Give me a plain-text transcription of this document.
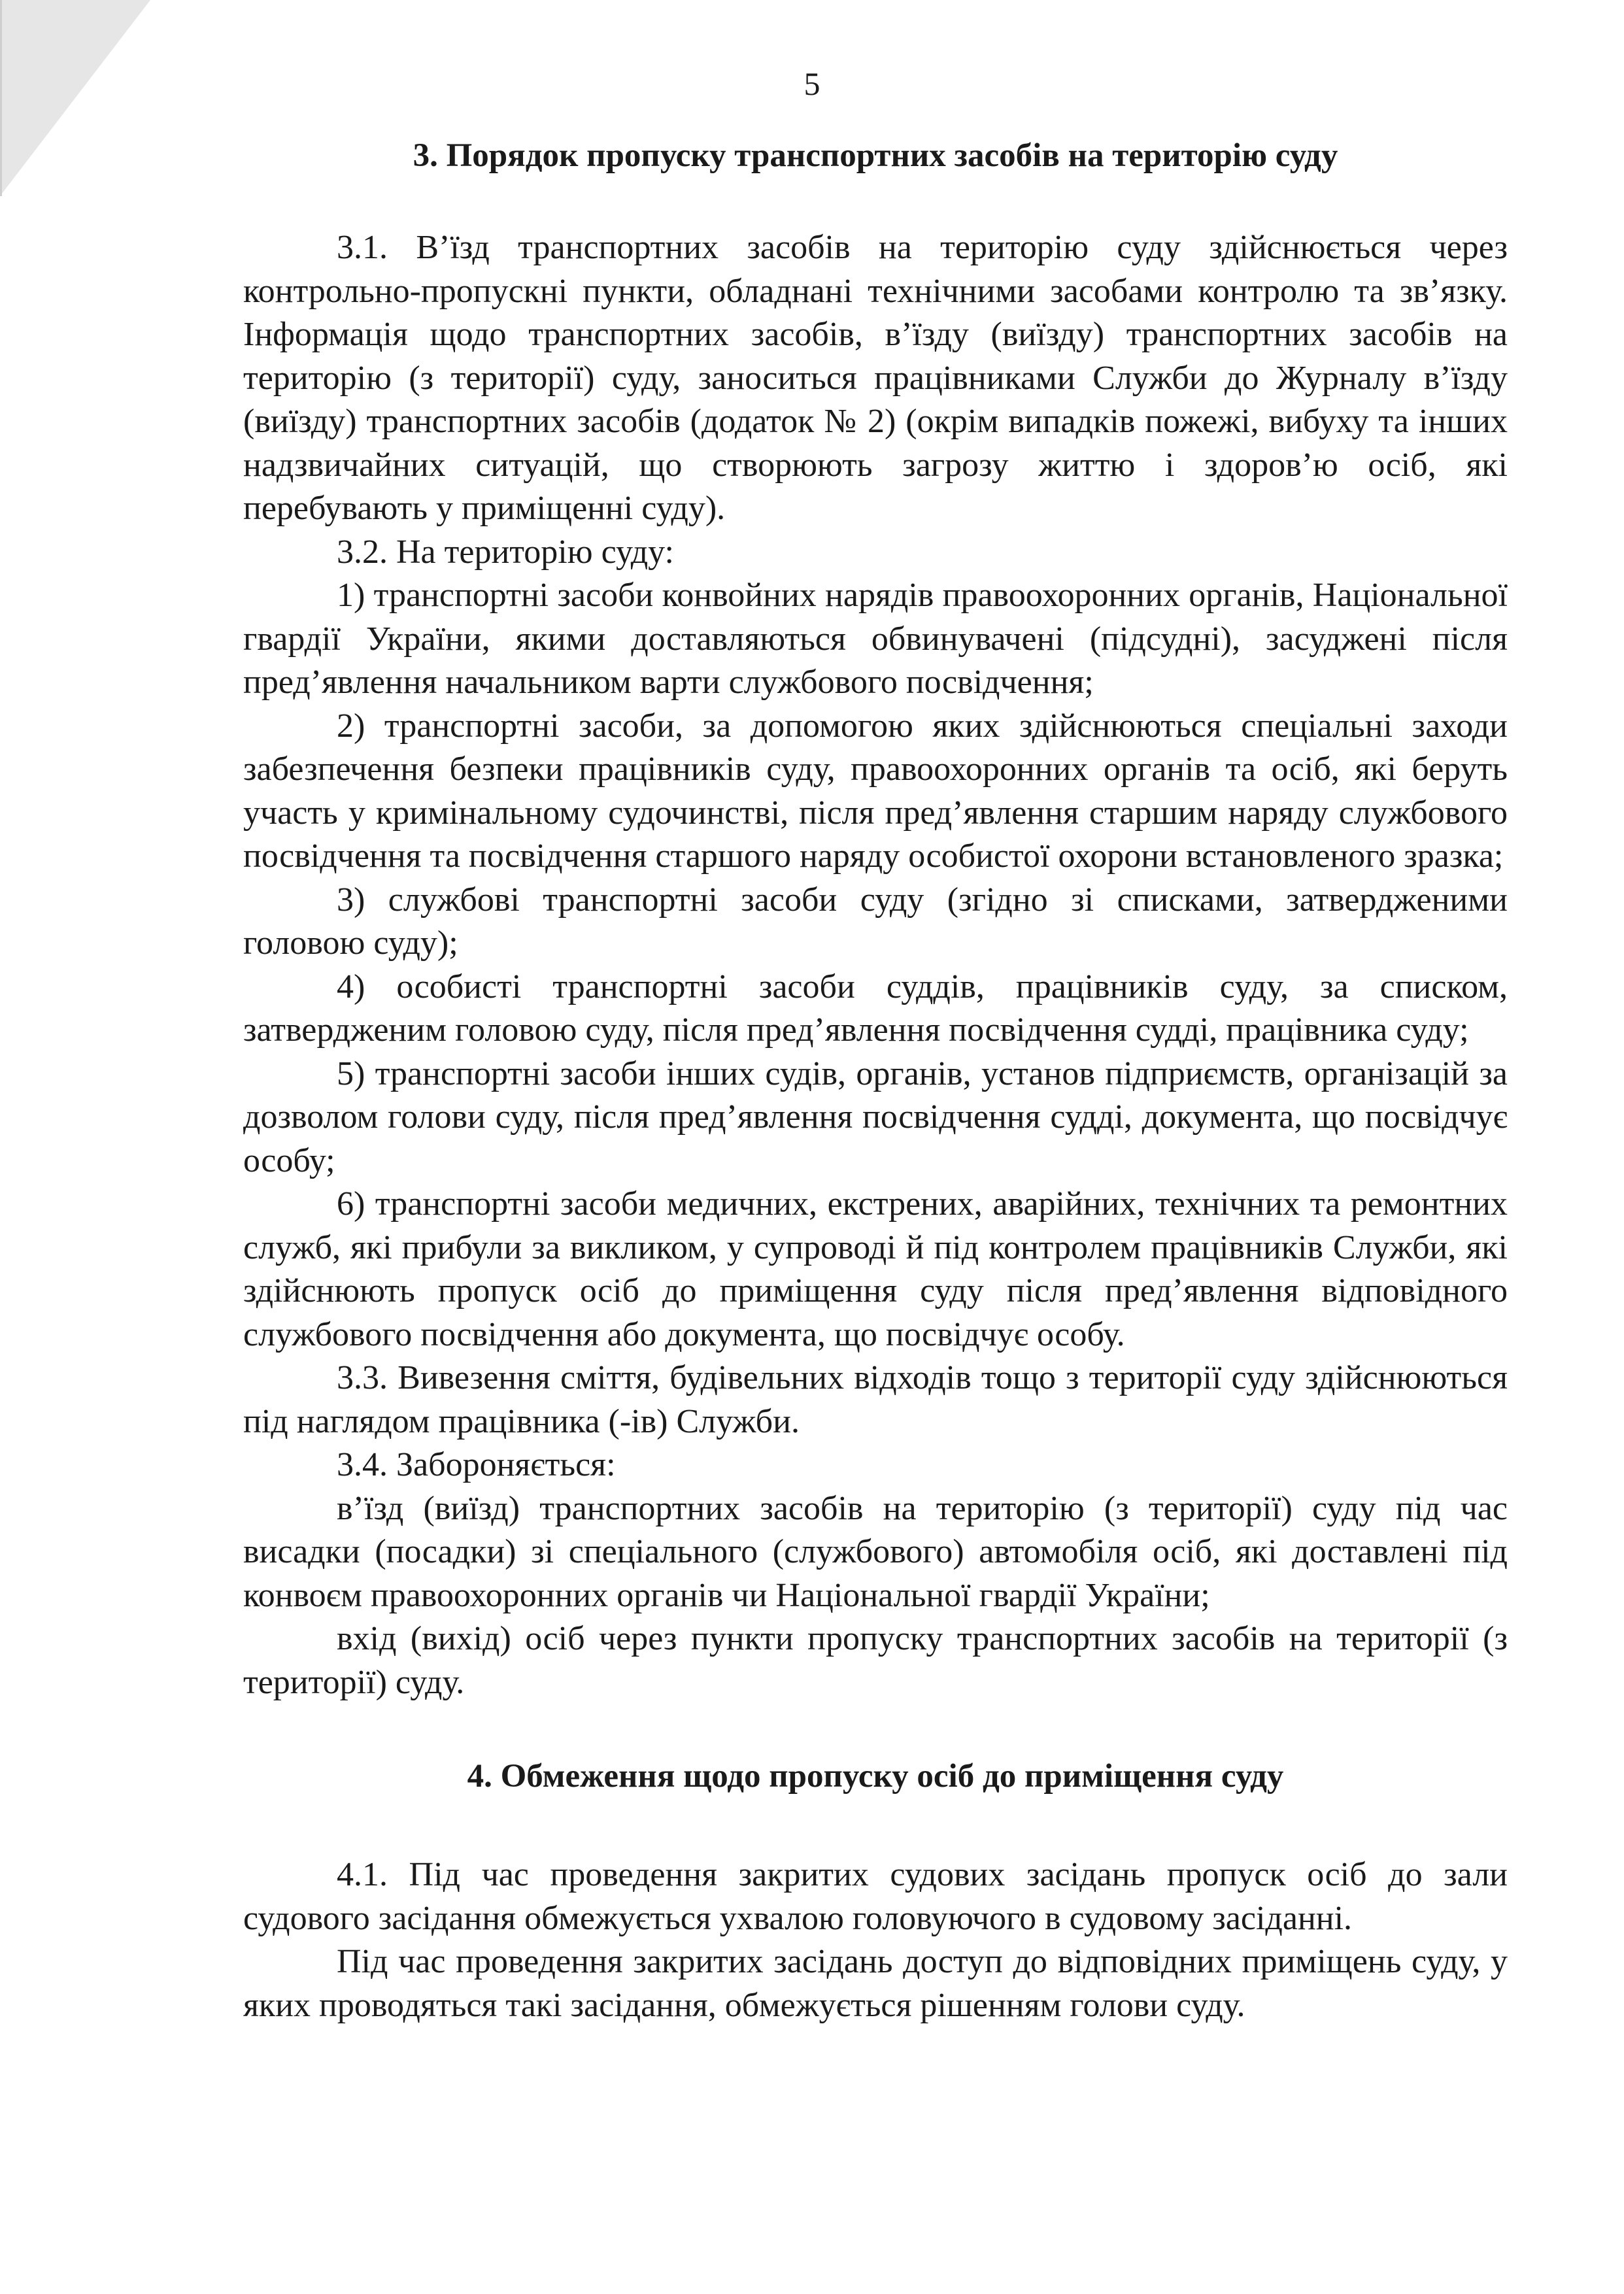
5
3. Порядок пропуску транспортних засобів на територію суду

3.1. В’їзд транспортних засобів на територію суду здійснюється через контрольно-пропускні пункти, обладнані технічними засобами контролю та зв’язку. Інформація щодо транспортних засобів, в’їзду (виїзду) транспортних засобів на територію (з території) суду, заноситься працівниками Служби до Журналу в’їзду (виїзду) транспортних засобів (додаток № 2) (окрім випадків пожежі, вибуху та інших надзвичайних ситуацій, що створюють загрозу життю і здоров’ю осіб, які перебувають у приміщенні суду).

3.2. На територію суду:

1) транспортні засоби конвойних нарядів правоохоронних органів, Національної гвардії України, якими доставляються обвинувачені (підсудні), засуджені після пред’явлення начальником варти службового посвідчення;

2) транспортні засоби, за допомогою яких здійснюються спеціальні заходи забезпечення безпеки працівників суду, правоохоронних органів та осіб, які беруть участь у кримінальному судочинстві, після пред’явлення старшим наряду службового посвідчення та посвідчення старшого наряду особистої охорони встановленого зразка;

3) службові транспортні засоби суду (згідно зі списками, затвердженими головою суду);

4) особисті транспортні засоби суддів, працівників суду, за списком, затвердженим головою суду, після пред’явлення посвідчення судді, працівника суду;

5) транспортні засоби інших судів, органів, установ підприємств, організацій за дозволом голови суду, після пред’явлення посвідчення судді, документа, що посвідчує особу;

6) транспортні засоби медичних, екстрених, аварійних, технічних та ремонтних служб, які прибули за викликом, у супроводі й під контролем працівників Служби, які здійснюють пропуск осіб до приміщення суду після пред’явлення відповідного службового посвідчення або документа, що посвідчує особу.

3.3. Вивезення сміття, будівельних відходів тощо з території суду здійснюються під наглядом працівника (-ів) Служби.

3.4. Забороняється:

в’їзд (виїзд) транспортних засобів на територію (з території) суду під час висадки (посадки) зі спеціального (службового) автомобіля осіб, які доставлені під конвоєм правоохоронних органів чи Національної гвардії України;

вхід (вихід) осіб через пункти пропуску транспортних засобів на території (з території) суду.

4. Обмеження щодо пропуску осіб до приміщення суду

4.1. Під час проведення закритих судових засідань пропуск осіб до зали судового засідання обмежується ухвалою головуючого в судовому засіданні.

Під час проведення закритих засідань доступ до відповідних приміщень суду, у яких проводяться такі засідання, обмежується рішенням голови суду.
